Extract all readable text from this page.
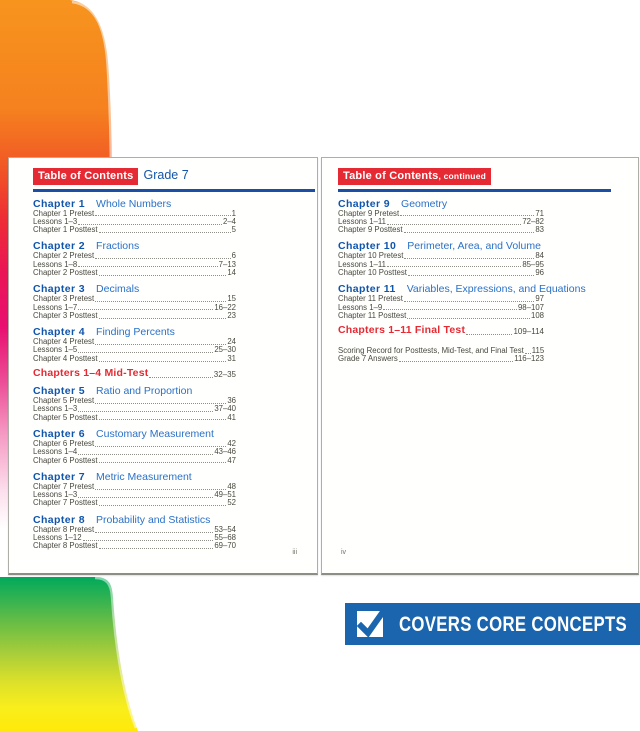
Table of Contents Grade 7
Chapter 1 Whole Numbers
Chapter 1 Pretest	1
Lessons 1–3	2–4
Chapter 1 Posttest	5
Chapter 2 Fractions
Chapter 2 Pretest	6
Lessons 1–8	7–13
Chapter 2 Posttest	14
Chapter 3 Decimals
Chapter 3 Pretest	15
Lessons 1–7	16–22
Chapter 3 Posttest	23
Chapter 4 Finding Percents
Chapter 4 Pretest	24
Lessons 1–5	25–30
Chapter 4 Posttest	31
Chapters 1–4 Mid-Test	32–35
Chapter 5 Ratio and Proportion
Chapter 5 Pretest	36
Lessons 1–3	37–40
Chapter 5 Posttest	41
Chapter 6 Customary Measurement
Chapter 6 Pretest	42
Lessons 1–4	43–46
Chapter 6 Posttest	47
Chapter 7 Metric Measurement
Chapter 7 Pretest	48
Lessons 1–3	49–51
Chapter 7 Posttest	52
Chapter 8 Probability and Statistics
Chapter 8 Pretest	53–54
Lessons 1–12	55–68
Chapter 8 Posttest	69–70
iii
Table of Contents, continued
Chapter 9 Geometry
Chapter 9 Pretest	71
Lessons 1–11	72–82
Chapter 9 Posttest	83
Chapter 10 Perimeter, Area, and Volume
Chapter 10 Pretest	84
Lessons 1–11	85–95
Chapter 10 Posttest	96
Chapter 11 Variables, Expressions, and Equations
Chapter 11 Pretest	97
Lessons 1–9	98–107
Chapter 11 Posttest	108
Chapters 1–11 Final Test	109–114
Scoring Record for Posttests, Mid-Test, and Final Test 115
Grade 7 Answers	116–123
iv
COVERS CORE CONCEPTS
